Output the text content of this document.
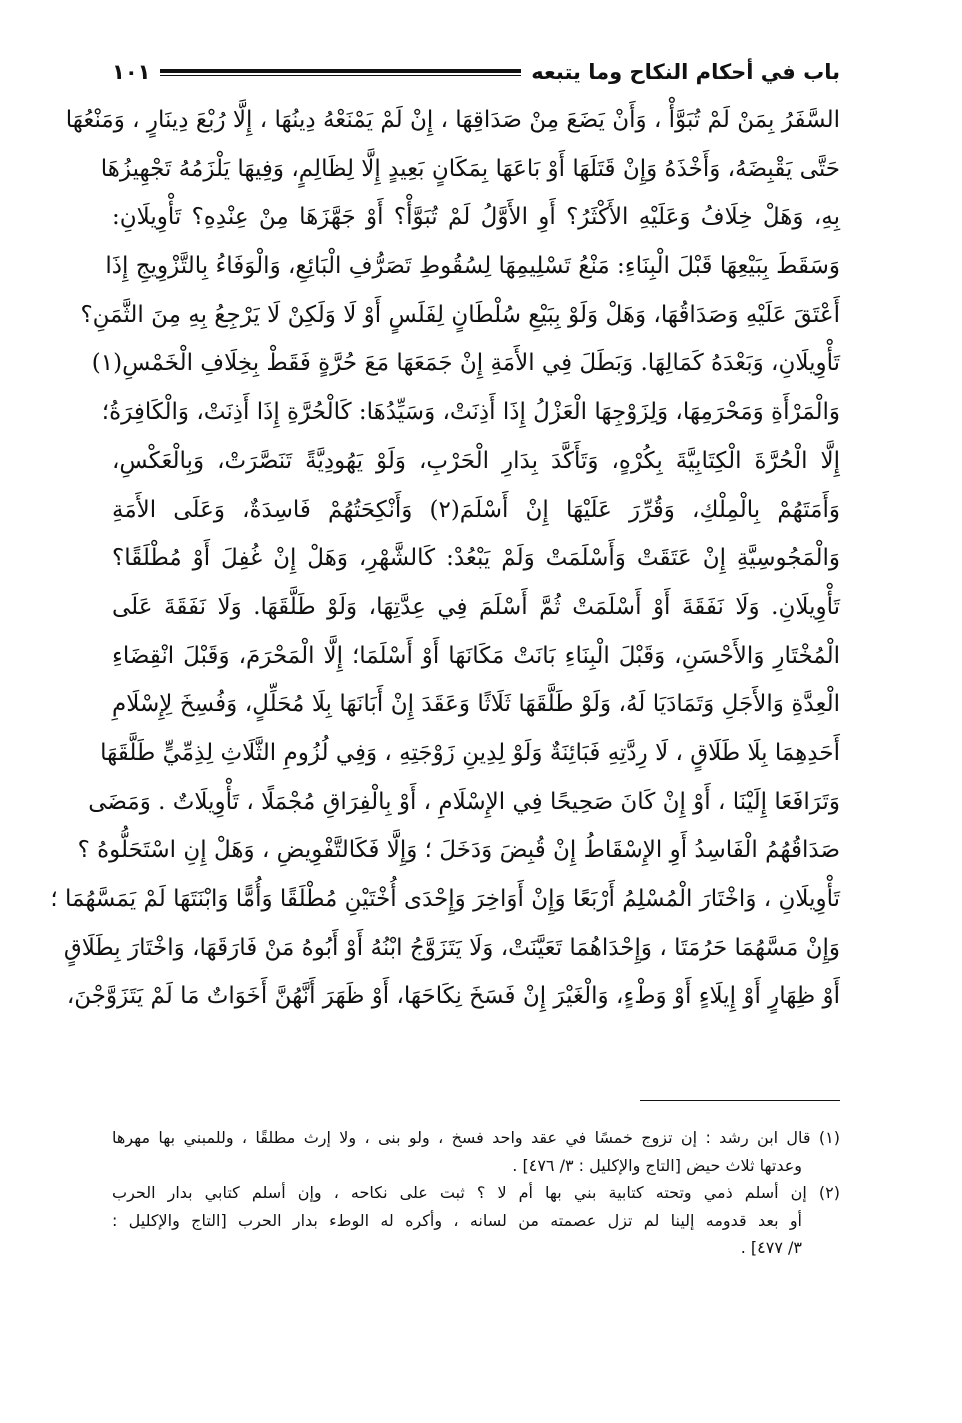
باب في أحكام النكاح وما يتبعه
١٠١
السَّفَرُ بِمَنْ لَمْ تُبَوَّأْ ، وَأَنْ يَضَعَ مِنْ صَدَاقِهَا ، إِنْ لَمْ يَمْنَعْهُ دِينُهَا ، إِلَّا رُبْعَ دِينَارٍ ، وَمَنْعُهَا
حَتَّى يَقْبِضَهُ، وَأَخْذَهُ وَإِنْ قَتَلَهَا أَوْ بَاعَهَا بِمَكَانٍ بَعِيدٍ إِلَّا لِظَالِمٍ، وَفِيهَا يَلْزَمُهُ تَجْهِيزُهَا
بِهِ، وَهَلْ خِلَافُ وَعَلَيْهِ الأَكْثَرُ؟ أَوِ الأَوَّلُ لَمْ تُبَوَّأْ؟ أَوْ جَهَّزَهَا مِنْ عِنْدِهِ؟ تَأْوِيلَانِ:
وَسَقَطَ بِبَيْعِهَا قَبْلَ الْبِنَاءِ: مَنْعُ تَسْلِيمِهَا لِسُقُوطِ تَصَرُّفِ الْبَائِعِ، وَالْوَفَاءُ بِالتَّزْوِيجِ إِذَا
أَعْتَقَ عَلَيْهِ وَصَدَاقُهَا، وَهَلْ وَلَوْ بِبَيْعِ سُلْطَانٍ لِفَلَسٍ أَوْ لَا وَلَكِنْ لَا يَرْجِعُ بِهِ مِنَ الثَّمَنِ؟
تَأْوِيلَانِ، وَبَعْدَهُ كَمَالِهَا. وَبَطَلَ فِي الأَمَةِ إِنْ جَمَعَهَا مَعَ حُرَّةٍ فَقَطْ بِخِلَافِ الْخَمْسِ(١)
وَالْمَرْأَةِ وَمَحْرَمِهَا، وَلِزَوْجِهَا الْعَزْلُ إِذَا أَذِنَتْ، وَسَيِّدُهَا: كَالْحُرَّةِ إِذَا أَذِنَتْ، وَالْكَافِرَةُ؛
إِلَّا الْحُرَّةَ الْكِتَابِيَّةَ بِكُرْهٍ، وَتَأَكَّدَ بِدَارِ الْحَرْبِ، وَلَوْ يَهُودِيَّةً تَنَصَّرَتْ، وَبِالْعَكْسِ،
وَأَمَتَهُمْ بِالْمِلْكِ، وَقُرِّرَ عَلَيْهَا إِنْ أَسْلَمَ(٢) وَأَنْكِحَتُهُمْ فَاسِدَةٌ، وَعَلَى الأَمَةِ
وَالْمَجُوسِيَّةِ إِنْ عَتَقَتْ وَأَسْلَمَتْ وَلَمْ يَبْعُدْ: كَالشَّهْرِ، وَهَلْ إِنْ غُفِلَ أَوْ مُطْلَقًا؟
تَأْوِيلَانِ. وَلَا نَفَقَةَ أَوْ أَسْلَمَتْ ثُمَّ أَسْلَمَ فِي عِدَّتِهَا، وَلَوْ طَلَّقَهَا. وَلَا نَفَقَةَ عَلَى
الْمُخْتَارِ وَالأَحْسَنِ، وَقَبْلَ الْبِنَاءِ بَانَتْ مَكَانَهَا أَوْ أَسْلَمَا؛ إِلَّا الْمَحْرَمَ، وَقَبْلَ انْقِضَاءِ
الْعِدَّةِ وَالأَجَلِ وَتَمَادَيَا لَهُ، وَلَوْ طَلَّقَهَا ثَلَاثًا وَعَقَدَ إِنْ أَبَانَهَا بِلَا مُحَلِّلٍ، وَفُسِخَ لِإِسْلَامِ
أَحَدِهِمَا بِلَا طَلَاقٍ ، لَا رِدَّتِهِ فَبَائِنَةٌ وَلَوْ لِدِينِ زَوْجَتِهِ ، وَفِي لُزُومِ الثَّلَاثِ لِذِمِّيٍّ طَلَّقَهَا
وَتَرَافَعَا إِلَيْنَا ، أَوْ إِنْ كَانَ صَحِيحًا فِي الإِسْلَامِ ، أَوْ بِالْفِرَاقِ مُجْمَلًا ، تَأْوِيلَاتٌ . وَمَضَى
صَدَاقُهُمُ الْفَاسِدُ أَوِ الإِسْقَاطُ إِنْ قُبِضَ وَدَخَلَ ؛ وَإِلَّا فَكَالتَّفْوِيضِ ، وَهَلْ إِنِ اسْتَحَلُّوهُ ؟
تَأْوِيلَانِ ، وَاخْتَارَ الْمُسْلِمُ أَرْبَعًا وَإِنْ أَوَاخِرَ وَإِحْدَى أُخْتَيْنِ مُطْلَقًا وَأُمًّا وَابْنَتَهَا لَمْ يَمَسَّهُمَا ؛
وَإِنْ مَسَّهُمَا حَرُمَتَا ، وَإِحْدَاهُمَا تَعَيَّنَتْ، وَلَا يَتَزَوَّجُ ابْنُهُ أَوْ أَبُوهُ مَنْ فَارَقَهَا، وَاخْتَارَ بِطَلَاقٍ
أَوْ ظِهَارٍ أَوْ إِيلَاءٍ أَوْ وَطْءٍ، وَالْغَيْرَ إِنْ فَسَخَ نِكَاحَهَا، أَوْ ظَهَرَ أَنَّهُنَّ أَخَوَاتٌ مَا لَمْ يَتَزَوَّجْنَ،
(١) قال ابن رشد : إن تزوج خمسًا في عقد واحد فسخ ، ولو بنى ، ولا إرث مطلقًا ، وللمبني بها مهرها
وعدتها ثلاث حيض [التاج والإكليل : ٣/ ٤٧٦] .
(٢) إن أسلم ذمي وتحته كتابية بني بها أم لا ؟ ثبت على نكاحه ، وإن أسلم كتابي بدار الحرب
أو بعد قدومه إلينا لم تزل عصمته من لسانه ، وأكره له الوطء بدار الحرب [التاج والإكليل :
٣/ ٤٧٧] .
